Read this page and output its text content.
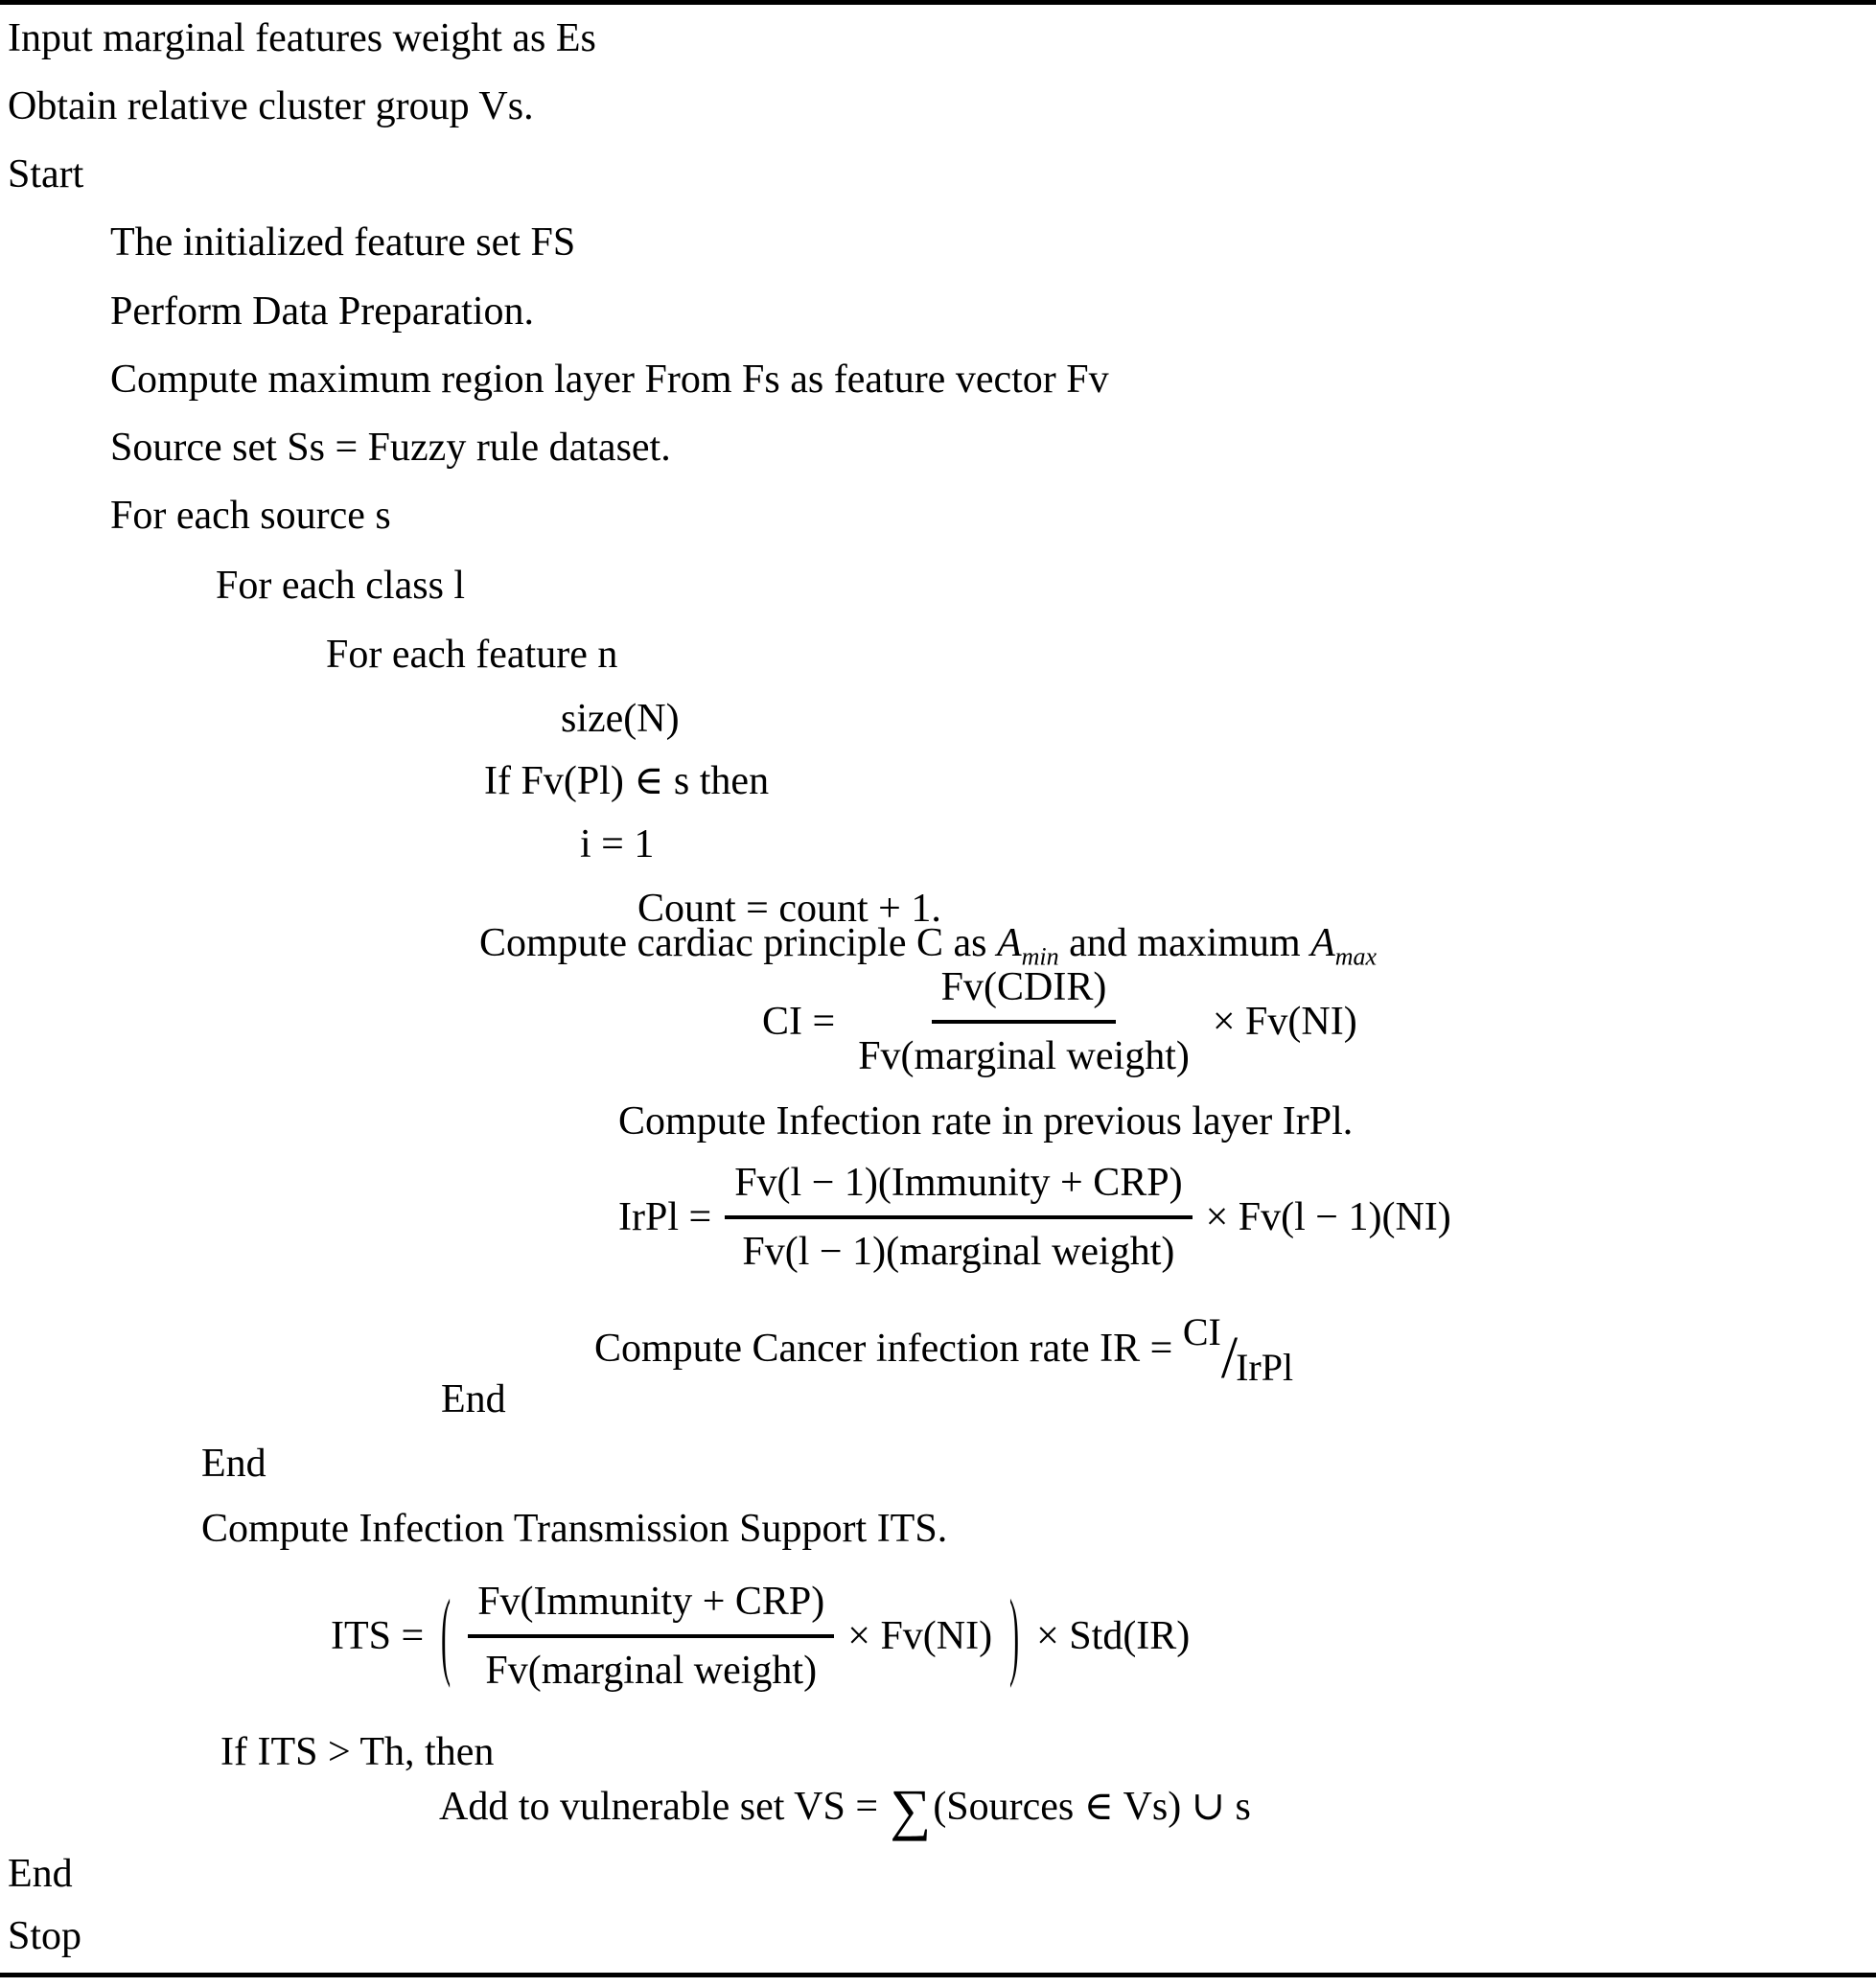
Input marginal features weight as Es
Obtain relative cluster group Vs.
Start
The initialized feature set FS
Perform Data Preparation.
Compute maximum region layer From Fs as feature vector Fv
Source set Ss = Fuzzy rule dataset.
For each source s
For each class l
For each feature n
size(N)
If Fv(Pl) ∈ s then
i = 1
Count = count + 1.
Compute cardiac principle C as $A_{min}$ and maximum $A_{max}$
CI = $\frac{\text{Fv(CDIR)}}{\text{Fv(marginal weight)}} \times Fv(NI)$
Compute Infection rate in previous layer IrPl.
IrPl = $\frac{\text{Fv(l − 1)(Immunity + CRP)}}{\text{Fv(l − 1)(marginal weight)}} \times Fv(l - 1)(NI)$
Compute Cancer infection rate IR = CI/IrPl
End
End
Compute Infection Transmission Support ITS.
ITS = ( $\frac{\text{Fv(Immunity + CRP)}}{\text{Fv(marginal weight)}} \times Fv(NI)$ ) × Std(IR)
If ITS > Th, then
Add to vulnerable set VS = ∑(Sources ∈ Vs) ∪ s
End
Stop
